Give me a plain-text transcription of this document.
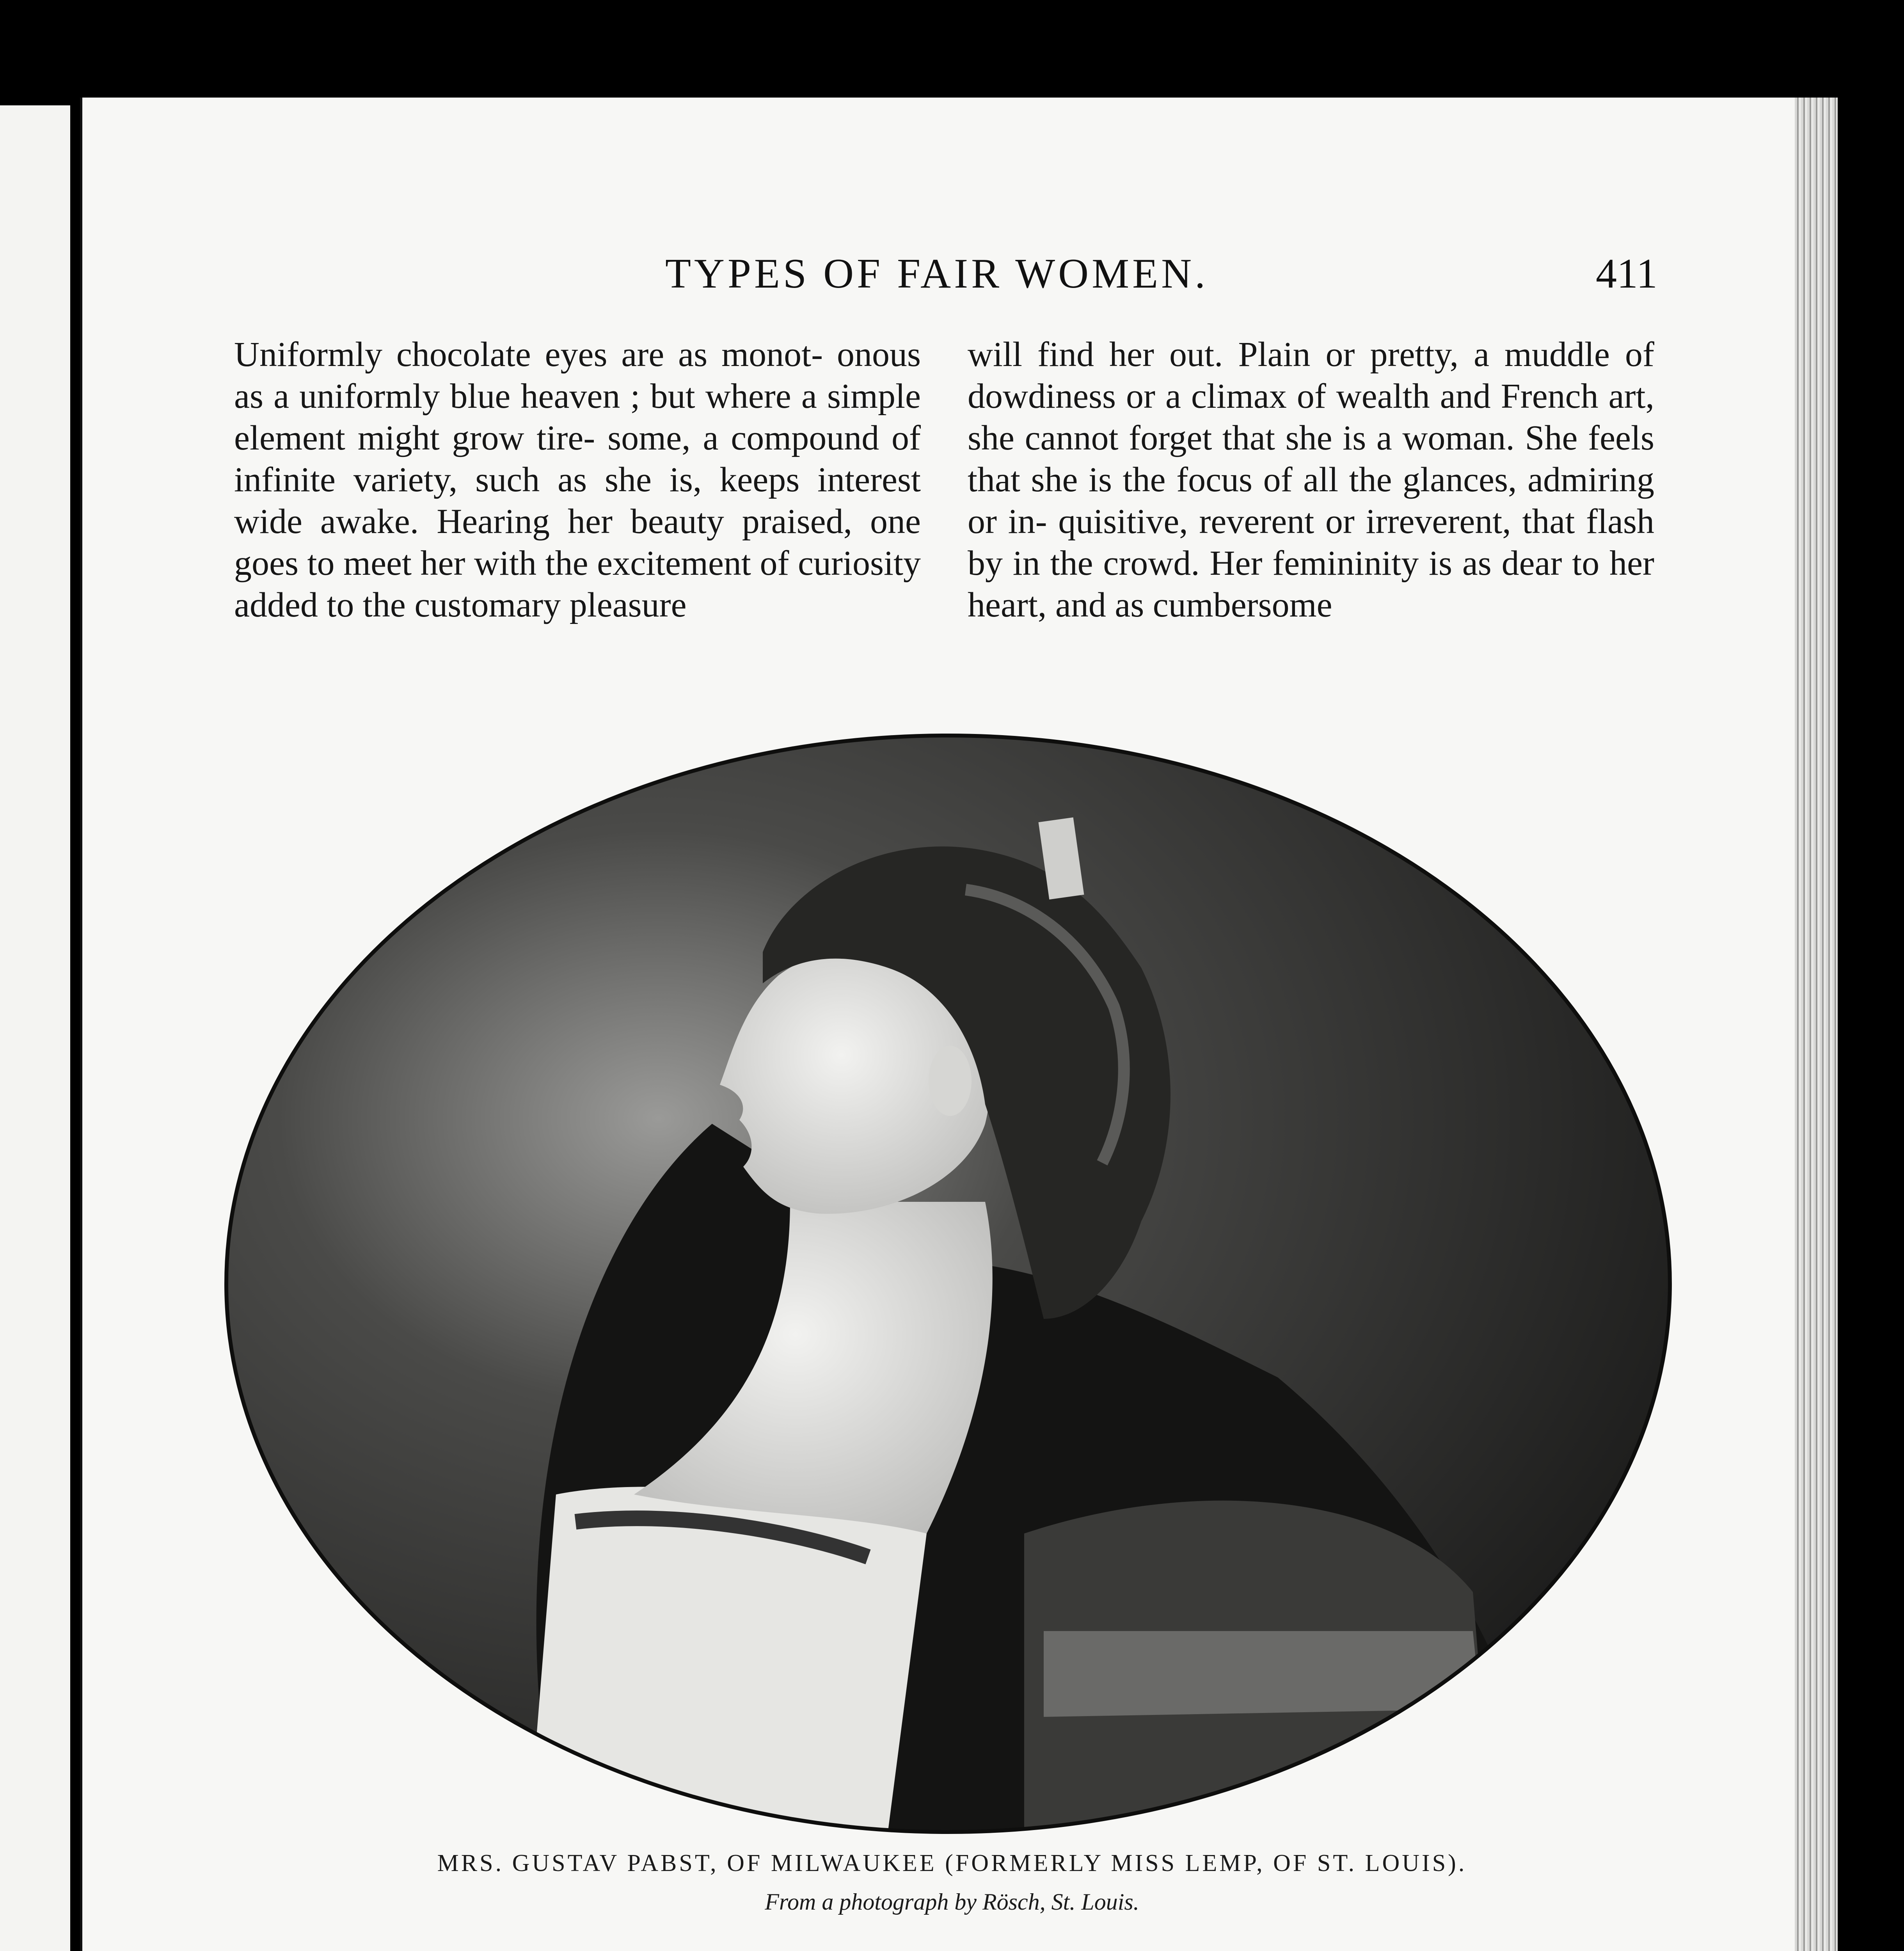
TYPES OF FAIR WOMEN.	411

Uniformly chocolate eyes are as monot- onous as a uniformly blue heaven ; but where a simple element might grow tire- some, a compound of infinite variety, such as she is, keeps interest wide awake. Hearing her beauty praised, one goes to meet her with the excitement of curiosity added to the customary pleasure

will find her out. Plain or pretty, a muddle of dowdiness or a climax of wealth and French art, she cannot forget that she is a woman. She feels that she is the focus of all the glances, admiring or in- quisitive, reverent or irreverent, that flash by in the crowd. Her femininity is as dear to her heart, and as cumbersome

MRS. GUSTAV PABST, OF MILWAUKEE (FORMERLY MISS LEMP, OF ST. LOUIS).
From a photograph by Rösch, St. Louis.
